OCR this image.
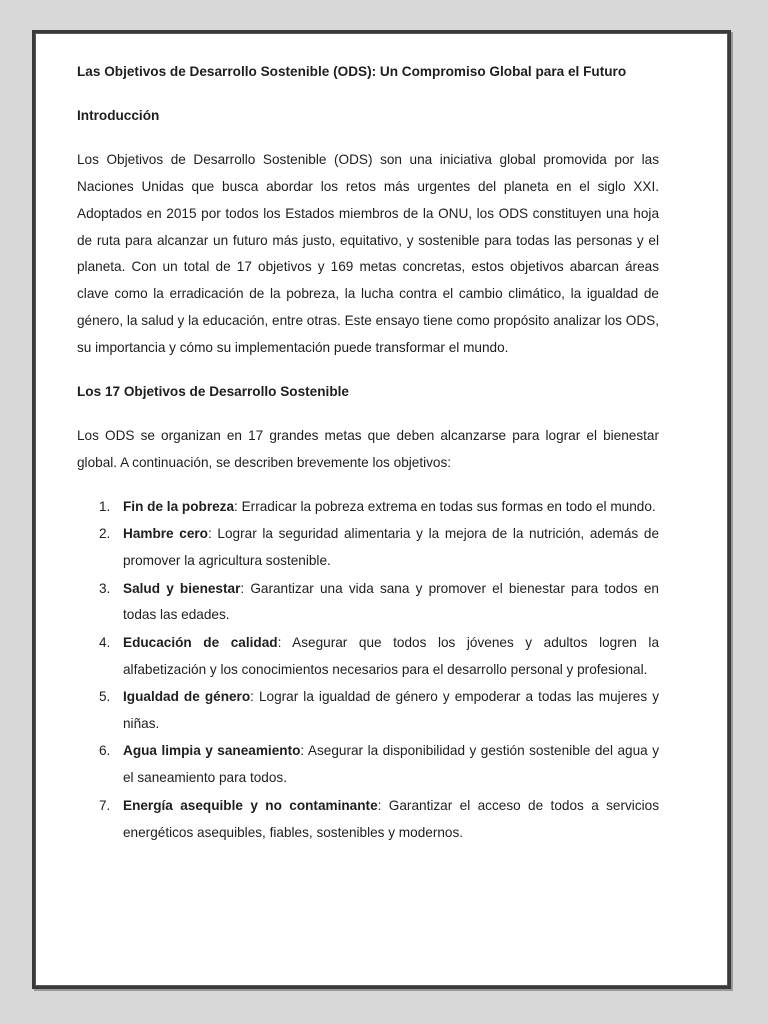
Las Objetivos de Desarrollo Sostenible (ODS): Un Compromiso Global para el Futuro

Introducción

Los Objetivos de Desarrollo Sostenible (ODS) son una iniciativa global promovida por las Naciones Unidas que busca abordar los retos más urgentes del planeta en el siglo XXI. Adoptados en 2015 por todos los Estados miembros de la ONU, los ODS constituyen una hoja de ruta para alcanzar un futuro más justo, equitativo, y sostenible para todas las personas y el planeta. Con un total de 17 objetivos y 169 metas concretas, estos objetivos abarcan áreas clave como la erradicación de la pobreza, la lucha contra el cambio climático, la igualdad de género, la salud y la educación, entre otras. Este ensayo tiene como propósito analizar los ODS, su importancia y cómo su implementación puede transformar el mundo.

Los 17 Objetivos de Desarrollo Sostenible

Los ODS se organizan en 17 grandes metas que deben alcanzarse para lograr el bienestar global. A continuación, se describen brevemente los objetivos:

1. Fin de la pobreza: Erradicar la pobreza extrema en todas sus formas en todo el mundo.
2. Hambre cero: Lograr la seguridad alimentaria y la mejora de la nutrición, además de promover la agricultura sostenible.
3. Salud y bienestar: Garantizar una vida sana y promover el bienestar para todos en todas las edades.
4. Educación de calidad: Asegurar que todos los jóvenes y adultos logren la alfabetización y los conocimientos necesarios para el desarrollo personal y profesional.
5. Igualdad de género: Lograr la igualdad de género y empoderar a todas las mujeres y niñas.
6. Agua limpia y saneamiento: Asegurar la disponibilidad y gestión sostenible del agua y el saneamiento para todos.
7. Energía asequible y no contaminante: Garantizar el acceso de todos a servicios energéticos asequibles, fiables, sostenibles y modernos.
